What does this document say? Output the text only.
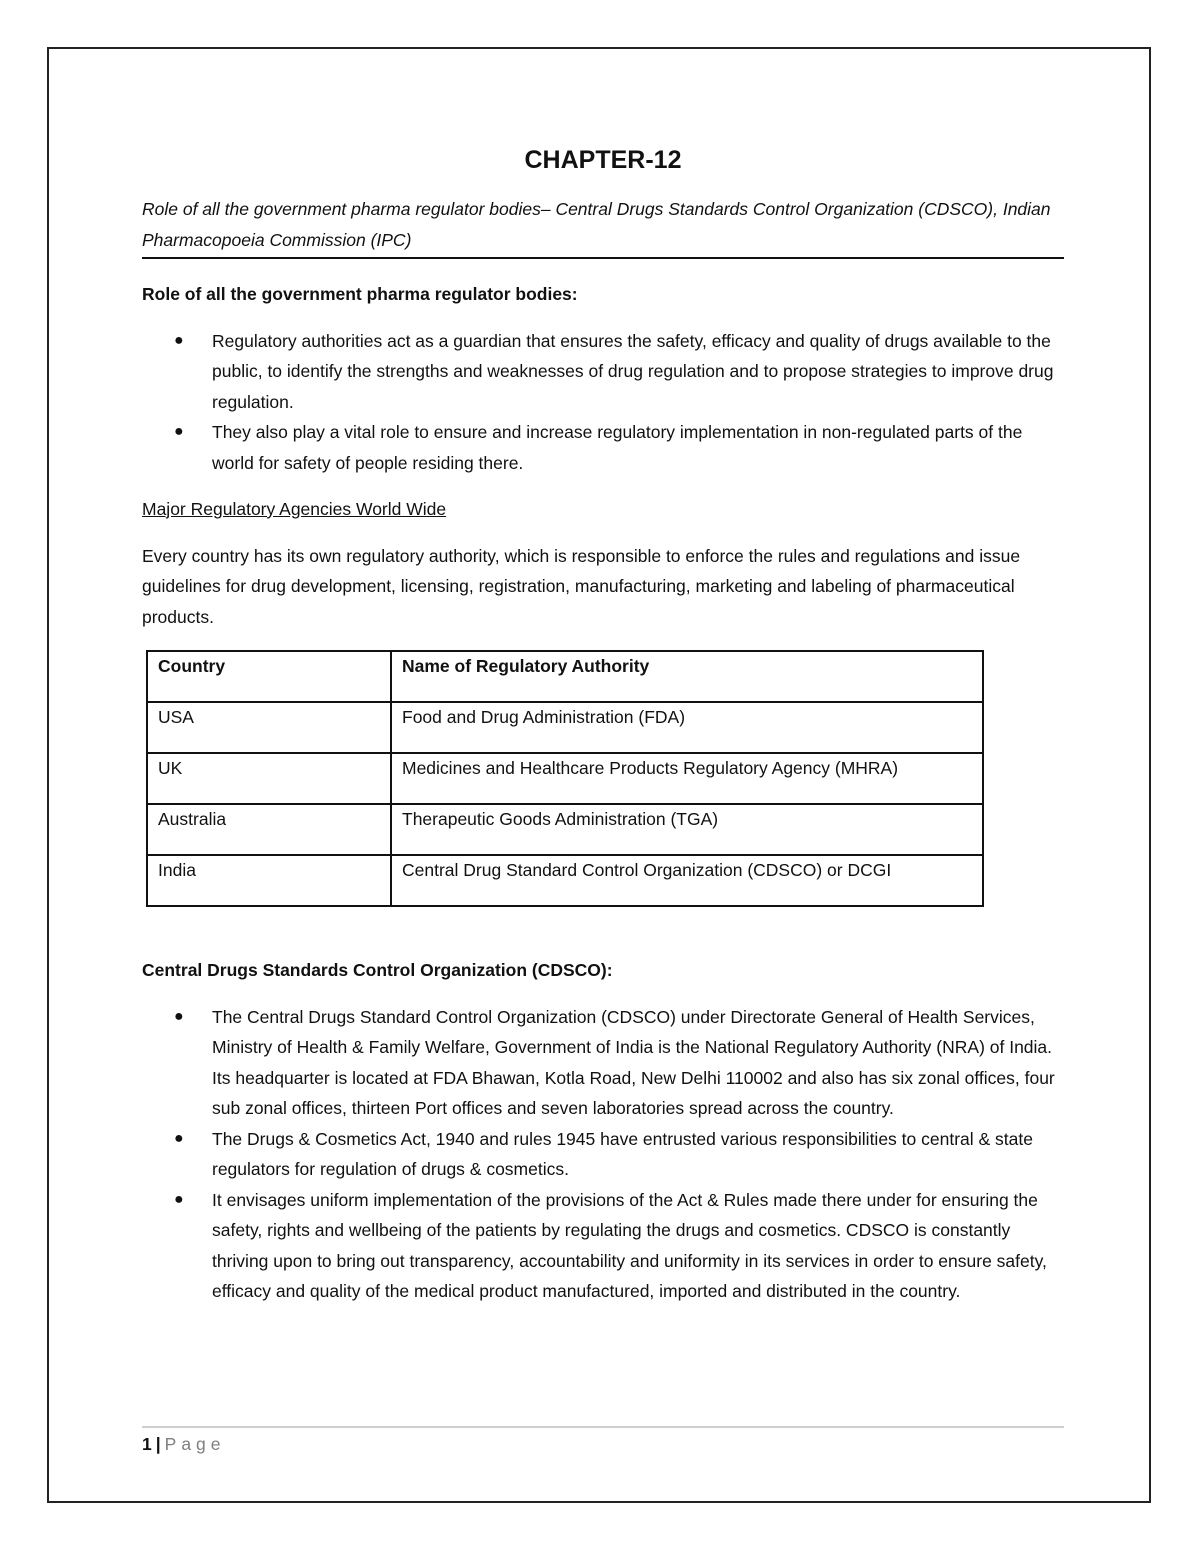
CHAPTER-12
Role of all the government pharma regulator bodies– Central Drugs Standards Control Organization (CDSCO), Indian Pharmacopoeia Commission (IPC)
Role of all the government pharma regulator bodies:
● Regulatory authorities act as a guardian that ensures the safety, efficacy and quality of drugs available to the public, to identify the strengths and weaknesses of drug regulation and to propose strategies to improve drug regulation.
● They also play a vital role to ensure and increase regulatory implementation in non-regulated parts of the world for safety of people residing there.
Major Regulatory Agencies World Wide
Every country has its own regulatory authority, which is responsible to enforce the rules and regulations and issue guidelines for drug development, licensing, registration, manufacturing, marketing and labeling of pharmaceutical products.
Country	Name of Regulatory Authority
USA	Food and Drug Administration (FDA)
UK	Medicines and Healthcare Products Regulatory Agency (MHRA)
Australia	Therapeutic Goods Administration (TGA)
India	Central Drug Standard Control Organization (CDSCO) or DCGI
Central Drugs Standards Control Organization (CDSCO):
● The Central Drugs Standard Control Organization (CDSCO) under Directorate General of Health Services, Ministry of Health & Family Welfare, Government of India is the National Regulatory Authority (NRA) of India. Its headquarter is located at FDA Bhawan, Kotla Road, New Delhi 110002 and also has six zonal offices, four sub zonal offices, thirteen Port offices and seven laboratories spread across the country.
● The Drugs & Cosmetics Act, 1940 and rules 1945 have entrusted various responsibilities to central & state regulators for regulation of drugs & cosmetics.
● It envisages uniform implementation of the provisions of the Act & Rules made there under for ensuring the safety, rights and wellbeing of the patients by regulating the drugs and cosmetics. CDSCO is constantly thriving upon to bring out transparency, accountability and uniformity in its services in order to ensure safety, efficacy and quality of the medical product manufactured, imported and distributed in the country.
1 | Page
